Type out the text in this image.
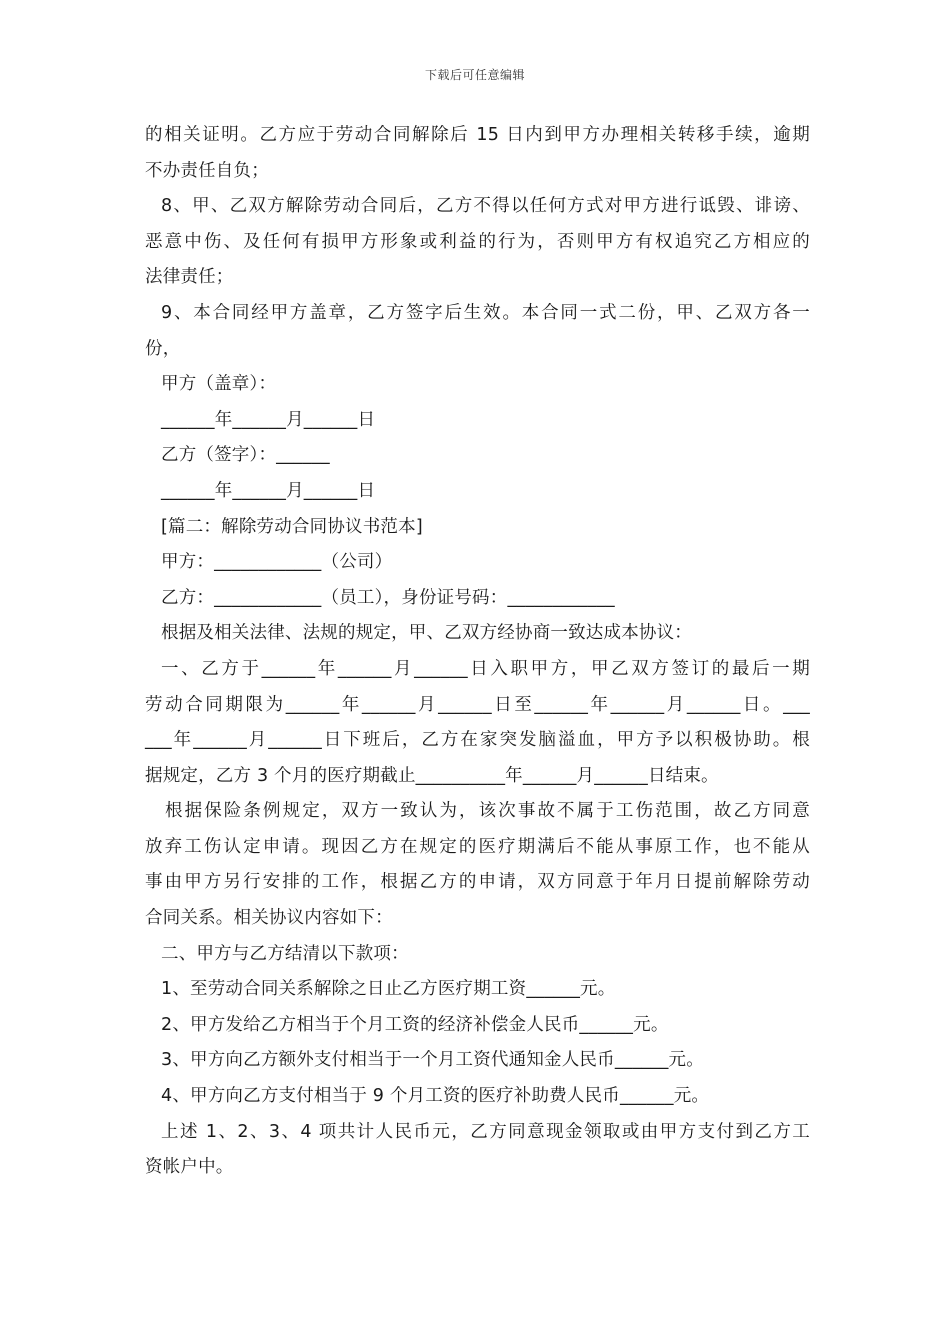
下载后可任意编辑
的相关证明。乙方应于劳动合同解除后 15 日内到甲方办理相关转移手续，逾期
不办责任自负；
8、甲、乙双方解除劳动合同后，乙方不得以任何方式对甲方进行诋毁、诽谤、
恶意中伤、及任何有损甲方形象或利益的行为，否则甲方有权追究乙方相应的
法律责任；
9、本合同经甲方盖章，乙方签字后生效。本合同一式二份，甲、乙双方各一
份，
甲方（盖章）：
______年______月______日
乙方（签字）：______
______年______月______日
[篇二：解除劳动合同协议书范本]
甲方：____________（公司）
乙方：____________（员工），身份证号码：____________
根据及相关法律、法规的规定，甲、乙双方经协商一致达成本协议：
一、乙方于______年______月______日入职甲方，甲乙双方签订的最后一期
劳动合同期限为______年______月______日至______年______月______日。___
___年______月______日下班后，乙方在家突发脑溢血，甲方予以积极协助。根
据规定，乙方 3 个月的医疗期截止__________年______月______日结束。
根据保险条例规定，双方一致认为，该次事故不属于工伤范围，故乙方同意
放弃工伤认定申请。现因乙方在规定的医疗期满后不能从事原工作，也不能从
事由甲方另行安排的工作，根据乙方的申请，双方同意于年月日提前解除劳动
合同关系。相关协议内容如下：
二、甲方与乙方结清以下款项：
1、至劳动合同关系解除之日止乙方医疗期工资______元。
2、甲方发给乙方相当于个月工资的经济补偿金人民币______元。
3、甲方向乙方额外支付相当于一个月工资代通知金人民币______元。
4、甲方向乙方支付相当于 9 个月工资的医疗补助费人民币______元。
上述 1、2、3、4 项共计人民币元，乙方同意现金领取或由甲方支付到乙方工
资帐户中。
